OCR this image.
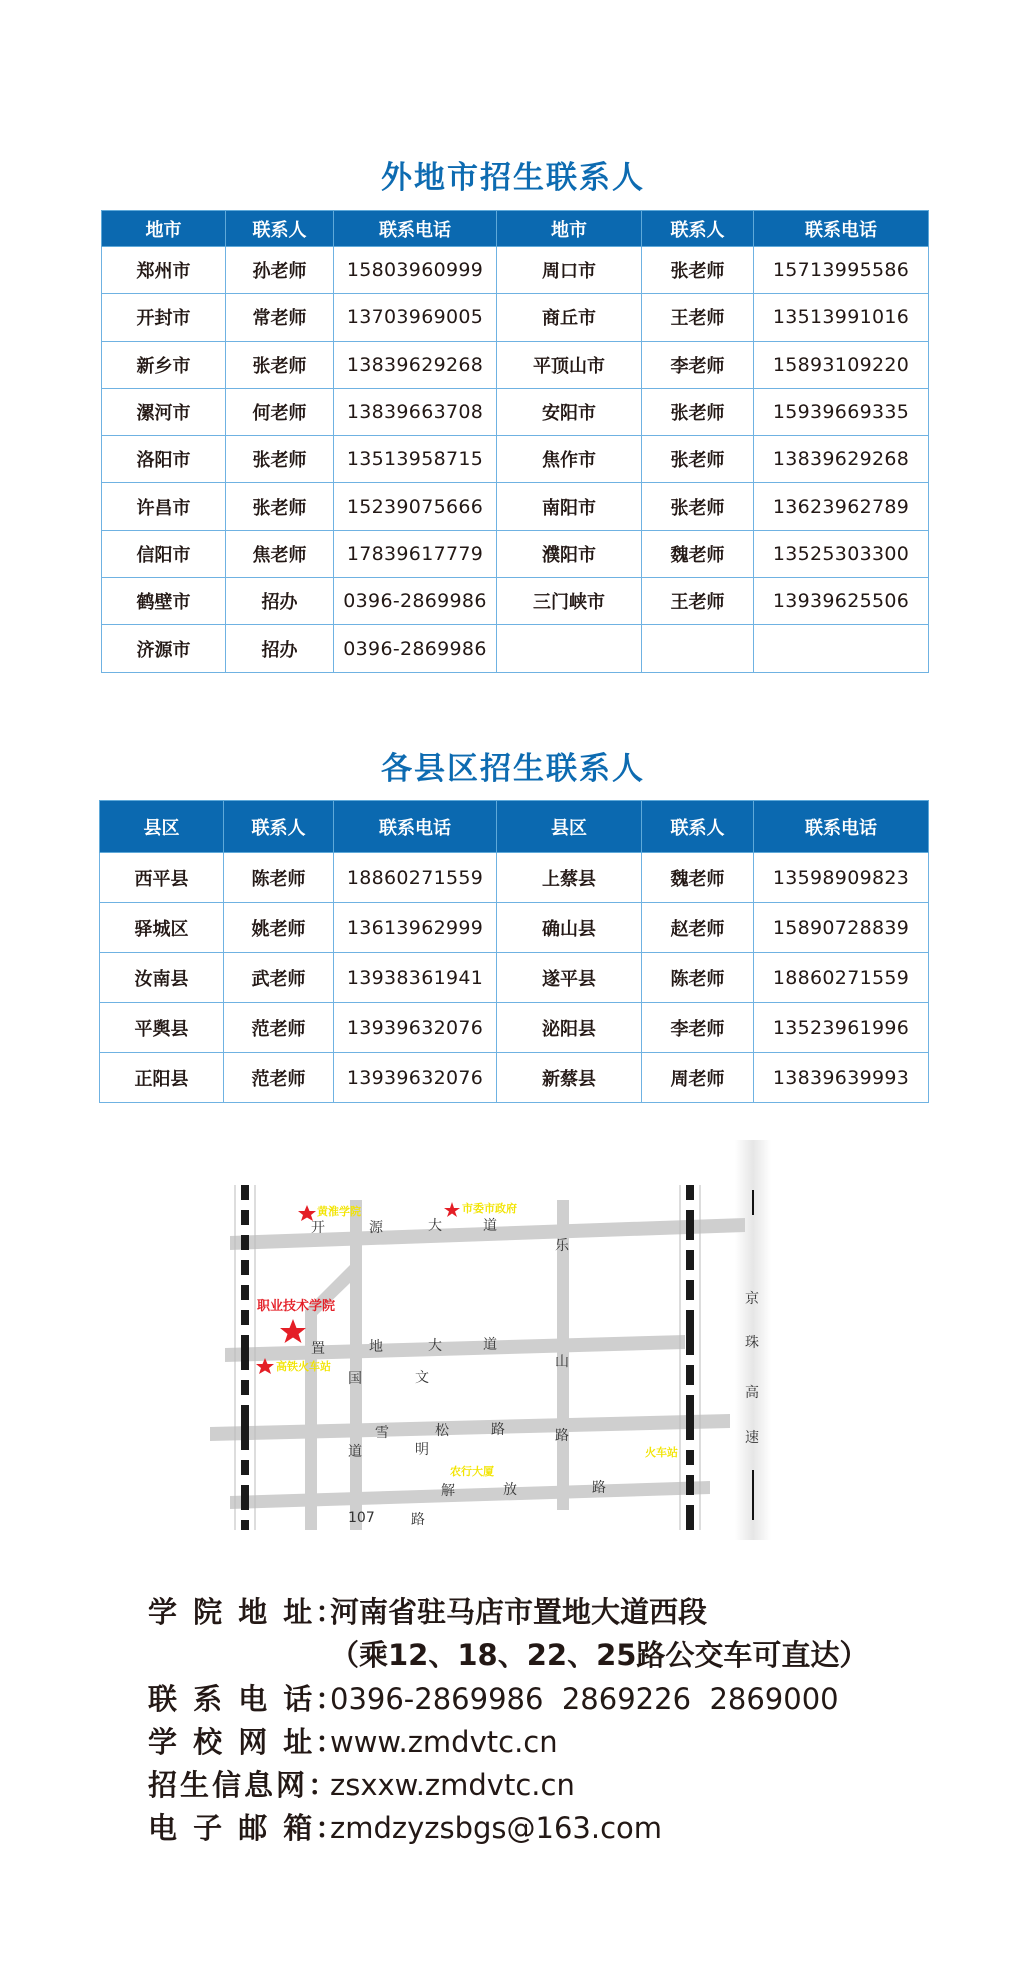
外地市招生联系人
地市	联系人	联系电话	地市	联系人	联系电话
郑州市	孙老师	15803960999	周口市	张老师	15713995586
开封市	常老师	13703969005	商丘市	王老师	13513991016
新乡市	张老师	13839629268	平顶山市	李老师	15893109220
漯河市	何老师	13839663708	安阳市	张老师	15939669335
洛阳市	张老师	13513958715	焦作市	张老师	13839629268
许昌市	张老师	15239075666	南阳市	张老师	13623962789
信阳市	焦老师	17839617779	濮阳市	魏老师	13525303300
鹤壁市	招办	0396-2869986	三门峡市	王老师	13939625506
济源市	招办	0396-2869986			
各县区招生联系人
县区	联系人	联系电话	县区	联系人	联系电话
西平县	陈老师	18860271559	上蔡县	魏老师	13598909823
驿城区	姚老师	13613962999	确山县	赵老师	15890728839
汝南县	武老师	13938361941	遂平县	陈老师	18860271559
平舆县	范老师	13939632076	泌阳县	李老师	13523961996
正阳县	范老师	13939632076	新蔡县	周老师	13839639993
黄淮学院	市委市政府
职业技术学院
高铁火车站
农行大厦
火车站
开	源	大	道
置	地	大	道
雪	松	路
解	放	路
国	文
道	明
乐
山
路
京
珠
高
速
107	路
学 院 地 址：河南省驻马店市置地大道西段
（乘12、18、22、25路公交车可直达）
联 系 电 话：0396-2869986  2869226  2869000
学 校 网 址：www.zmdvtc.cn
招生信息网：zsxxw.zmdvtc.cn
电 子 邮 箱：zmdzyzsbgs@163.com
